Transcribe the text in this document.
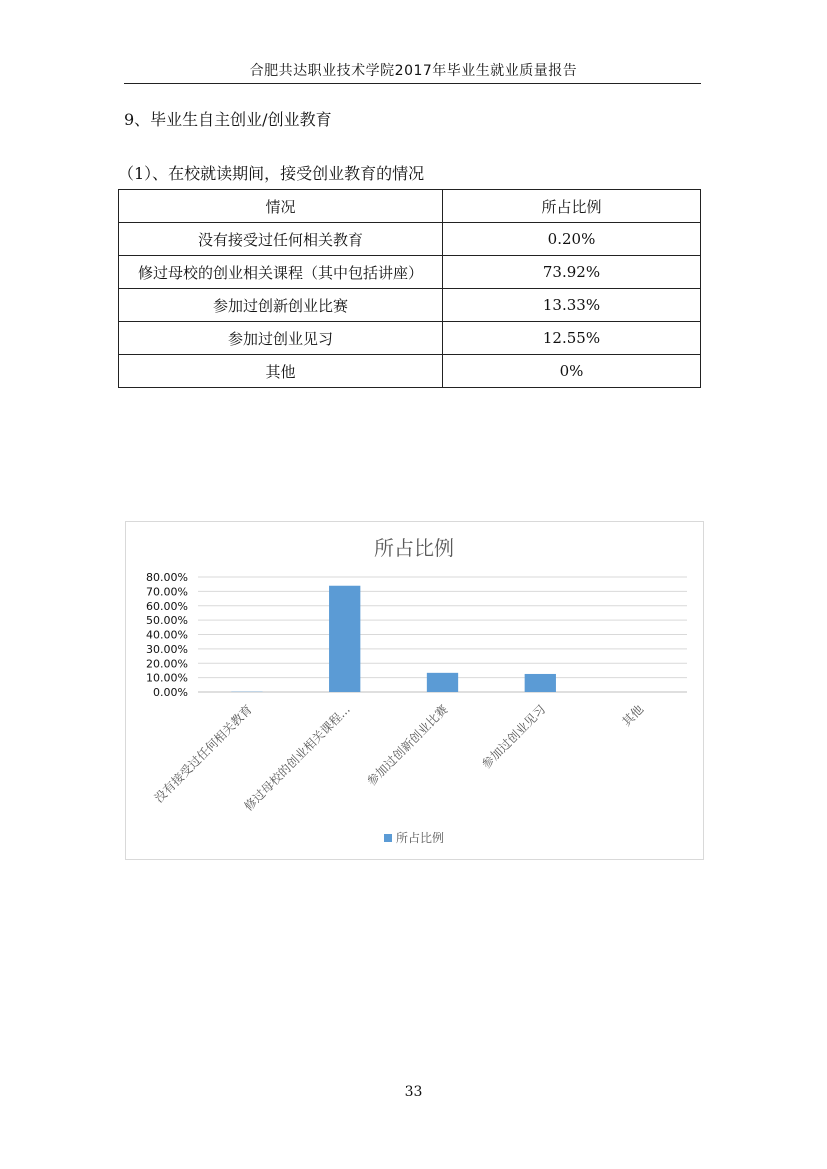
合肥共达职业技术学院2017年毕业生就业质量报告
9、毕业生自主创业/创业教育
（1）、在校就读期间，接受创业教育的情况
情况	所占比例
没有接受过任何相关教育	0.20%
修过母校的创业相关课程（其中包括讲座）	73.92%
参加过创新创业比赛	13.33%
参加过创业见习	12.55%
其他	0%
所占比例
0.00%
10.00%
20.00%
30.00%
40.00%
50.00%
60.00%
70.00%
80.00%
没有接受过任何相关教育
修过母校的创业相关课程... 参加过创新创业比赛 参加过创业见习	其他
所占比例
33
